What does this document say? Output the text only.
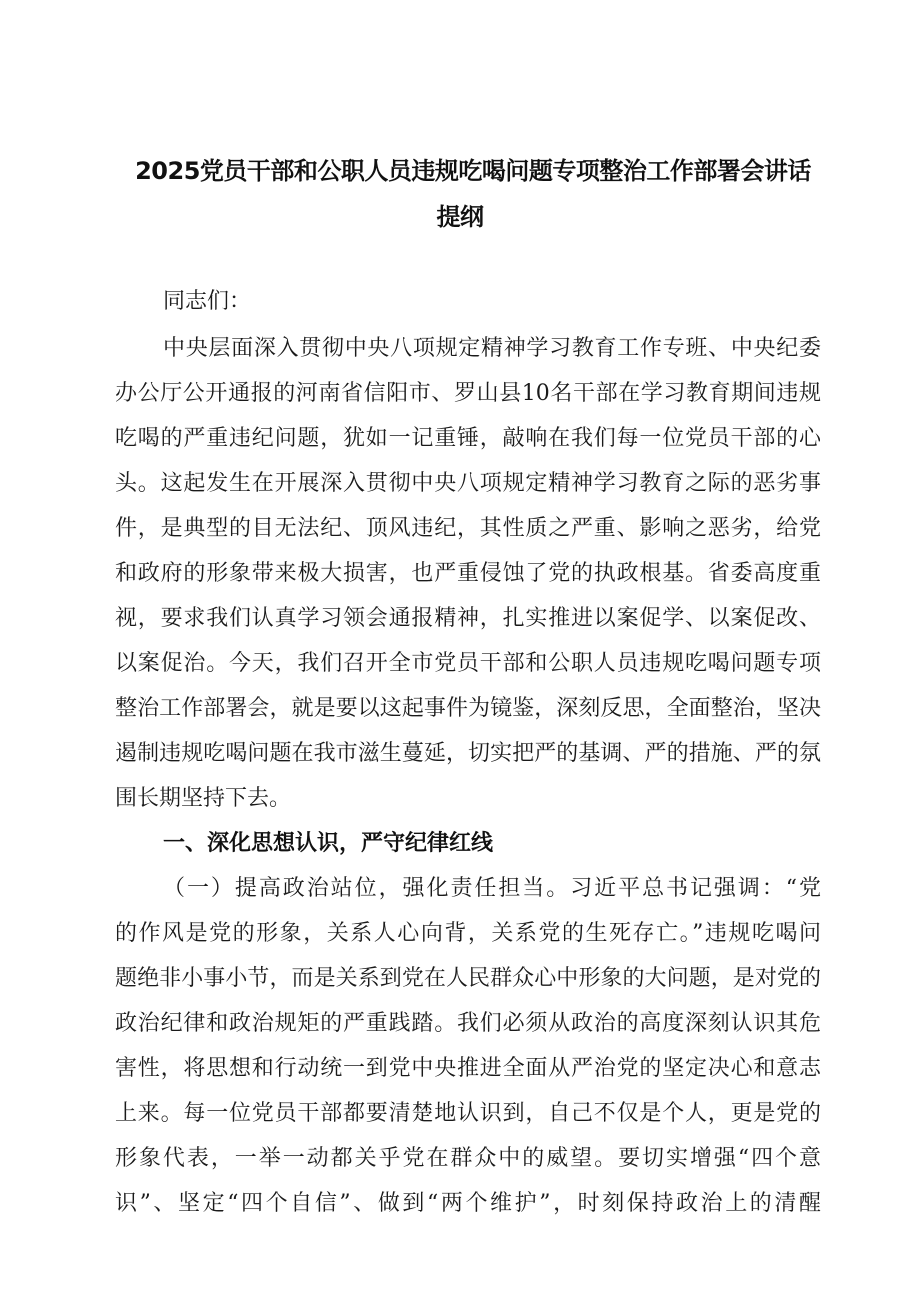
2025党员干部和公职人员违规吃喝问题专项整治工作部署会讲话
提纲
同志们：
中央层面深入贯彻中央八项规定精神学习教育工作专班、中央纪委
办公厅公开通报的河南省信阳市、罗山县10名干部在学习教育期间违规
吃喝的严重违纪问题，犹如一记重锤，敲响在我们每一位党员干部的心
头。这起发生在开展深入贯彻中央八项规定精神学习教育之际的恶劣事
件，是典型的目无法纪、顶风违纪，其性质之严重、影响之恶劣，给党
和政府的形象带来极大损害，也严重侵蚀了党的执政根基。省委高度重
视，要求我们认真学习领会通报精神，扎实推进以案促学、以案促改、
以案促治。今天，我们召开全市党员干部和公职人员违规吃喝问题专项
整治工作部署会，就是要以这起事件为镜鉴，深刻反思，全面整治，坚决
遏制违规吃喝问题在我市滋生蔓延，切实把严的基调、严的措施、严的氛
围长期坚持下去。
一、深化思想认识，严守纪律红线
（一）提高政治站位，强化责任担当。习近平总书记强调：“党
的作风是党的形象，关系人心向背，关系党的生死存亡。”违规吃喝问
题绝非小事小节，而是关系到党在人民群众心中形象的大问题，是对党的
政治纪律和政治规矩的严重践踏。我们必须从政治的高度深刻认识其危
害性，将思想和行动统一到党中央推进全面从严治党的坚定决心和意志
上来。每一位党员干部都要清楚地认识到，自己不仅是个人，更是党的
形象代表，一举一动都关乎党在群众中的威望。要切实增强“四个意
识”、坚定“四个自信”、做到“两个维护”，时刻保持政治上的清醒
